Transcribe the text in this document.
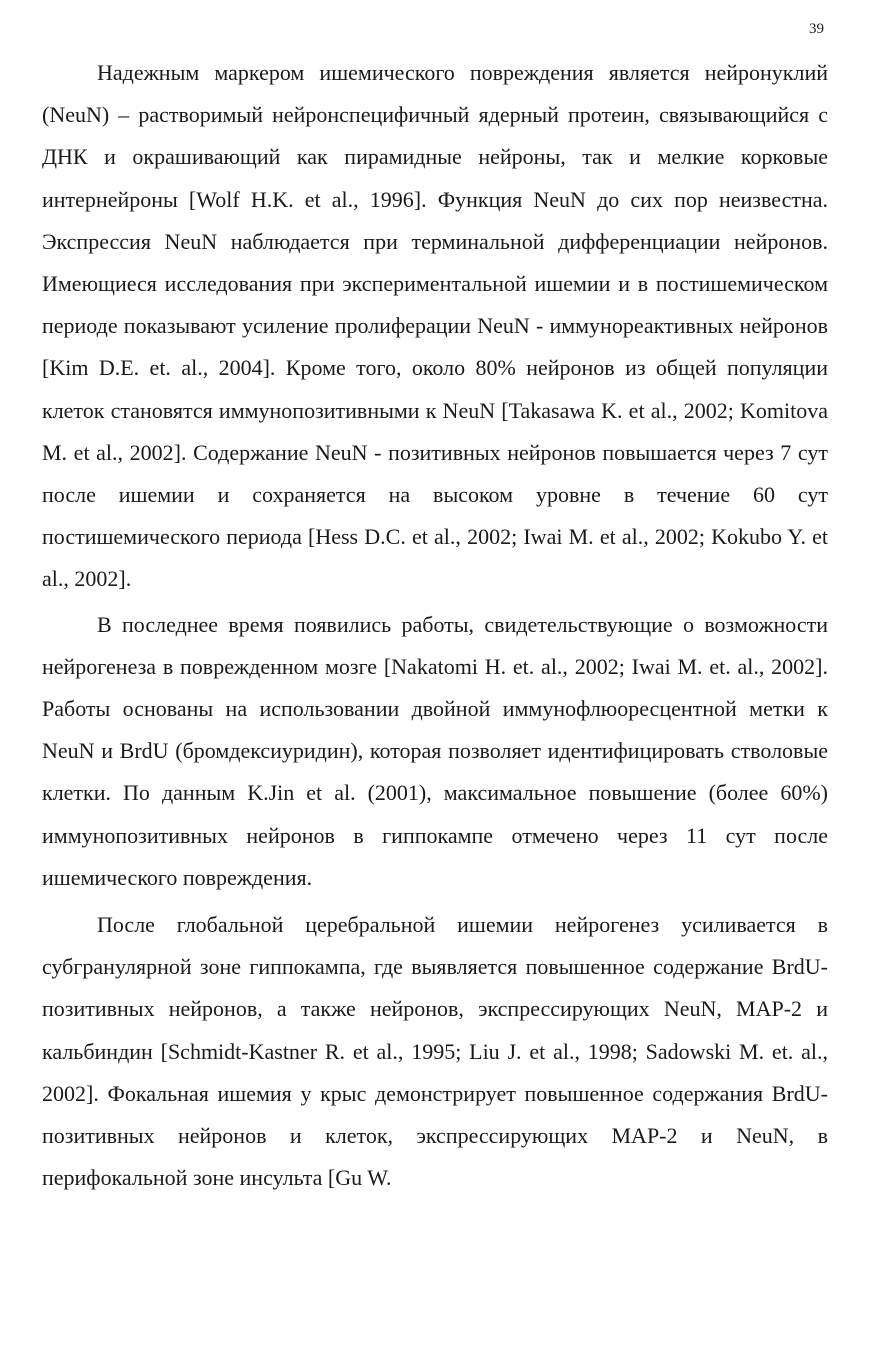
39

Надежным маркером ишемического повреждения является нейронуклий (NeuN) – растворимый нейронспецифичный ядерный протеин, связывающийся с ДНК и окрашивающий как пирамидные нейроны, так и мелкие корковые интернейроны [Wolf H.K. et al., 1996]. Функция NeuN до сих пор неизвестна. Экспрессия NeuN наблюдается при терминальной дифференциации нейронов. Имеющиеся исследования при экспериментальной ишемии и в постишемическом периоде показывают усиление пролиферации NeuN - иммунореактивных нейронов [Kim D.E. et. al., 2004]. Кроме того, около 80% нейронов из общей популяции клеток становятся иммунопозитивными к NeuN [Takasawa K. et al., 2002; Komitova M. et al., 2002]. Содержание NeuN - позитивных нейронов повышается через 7 сут после ишемии и сохраняется на высоком уровне в течение 60 сут постишемического периода [Hess D.C. et al., 2002; Iwai M. et al., 2002; Kokubo Y. et al., 2002].

В последнее время появились работы, свидетельствующие о возможности нейрогенеза в поврежденном мозге [Nakatomi H. et. al., 2002; Iwai M. et. al., 2002]. Работы основаны на использовании двойной иммунофлюоресцентной метки к NeuN и BrdU (бромдексиуридин), которая позволяет идентифицировать стволовые клетки. По данным K.Jin et al. (2001), максимальное повышение (более 60%) иммунопозитивных нейронов в гиппокампе отмечено через 11 сут после ишемического повреждения.

После глобальной церебральной ишемии нейрогенез усиливается в субгранулярной зоне гиппокампа, где выявляется повышенное содержание BrdU-позитивных нейронов, а также нейронов, экспрессирующих NeuN, MAP-2 и кальбиндин [Schmidt-Kastner R. et al., 1995; Liu J. et al., 1998; Sadowski M. et. al., 2002]. Фокальная ишемия у крыс демонстрирует повышенное содержания BrdU-позитивных нейронов и клеток, экспрессирующих MAP-2 и NeuN, в перифокальной зоне инсульта [Gu W.
